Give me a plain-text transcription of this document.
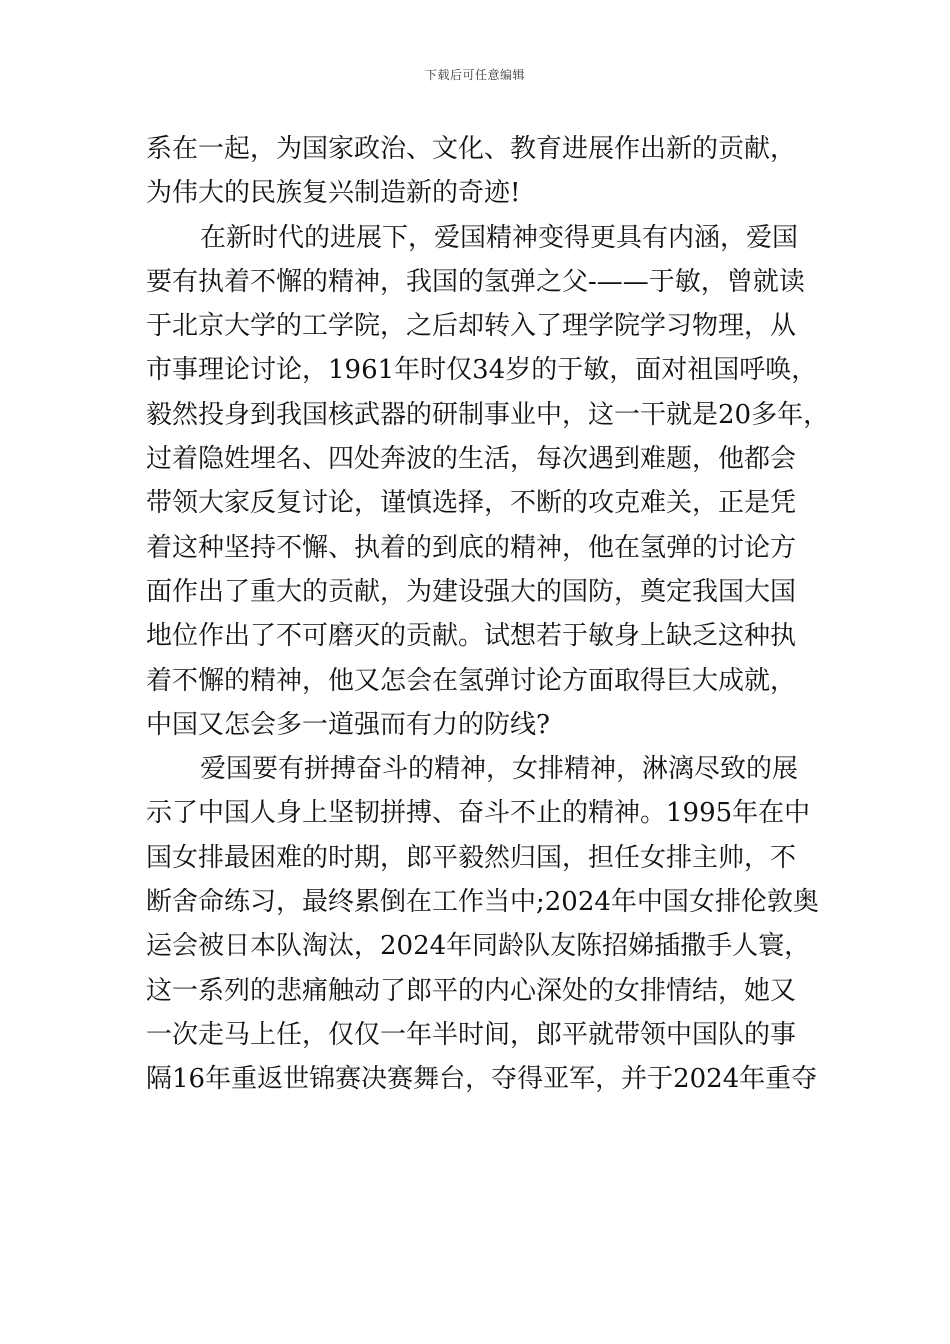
下载后可任意编辑
系在一起，为国家政治、文化、教育进展作出新的贡献，
为伟大的民族复兴制造新的奇迹!
在新时代的进展下，爱国精神变得更具有内涵，爱国
要有执着不懈的精神，我国的氢弹之父-——于敏，曾就读
于北京大学的工学院，之后却转入了理学院学习物理，从
市事理论讨论，1961年时仅34岁的于敏，面对祖国呼唤，
毅然投身到我国核武器的研制事业中，这一干就是20多年，
过着隐姓埋名、四处奔波的生活，每次遇到难题，他都会
带领大家反复讨论，谨慎选择，不断的攻克难关，正是凭
着这种坚持不懈、执着的到底的精神，他在氢弹的讨论方
面作出了重大的贡献，为建设强大的国防，奠定我国大国
地位作出了不可磨灭的贡献。试想若于敏身上缺乏这种执
着不懈的精神，他又怎会在氢弹讨论方面取得巨大成就，
中国又怎会多一道强而有力的防线?
爱国要有拼搏奋斗的精神，女排精神，淋漓尽致的展
示了中国人身上坚韧拼搏、奋斗不止的精神。1995年在中
国女排最困难的时期，郎平毅然归国，担任女排主帅，不
断舍命练习，最终累倒在工作当中;2024年中国女排伦敦奥
运会被日本队淘汰，2024年同龄队友陈招娣插撒手人寰，
这一系列的悲痛触动了郎平的内心深处的女排情结，她又
一次走马上任，仅仅一年半时间，郎平就带领中国队的事
隔16年重返世锦赛决赛舞台，夺得亚军，并于2024年重夺
